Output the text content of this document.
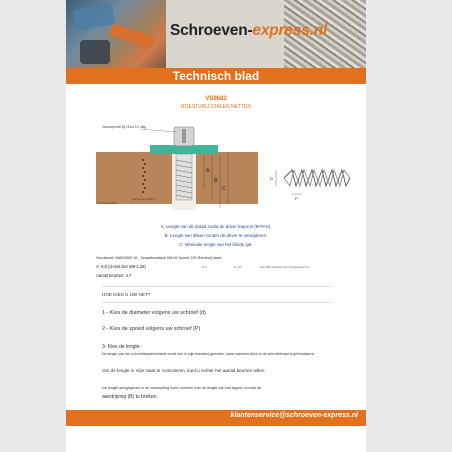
Schroeven-express.nl
Technisch blad
VS9682
ROESTVRIJ STALEN NETTEN
A
B
C
Inbouwprofiel bij 18 tot 1/2 slag
Nomnal tolbde
geboorde nerken
D
P
A: Lengte van de draad zodra de driver kapot is (B-PAS).
B. Lengte van tikken zonder de driver te verwijderen.
C: Minimale lengte van het blinde gat.
Voorbeeld: 96820600 16 - Draadinzetstuk M6X8 Spoed 125 Roestvrij staal
A: 6,8 (d-niet dez M8-1,25)	D: 6	D:+6.2	Door M8 schroeven niet met spoed van 1,6
Aantal beurten: 4,7
HOE KIES U UW NET?
1 - Kies de diameter volgens uw schroef (d)
2 - Kies de spoed volgens uw schroef (P)
3- Kies de lengte:
De lengte van het schroefdraadinzetstuk wordt niet in vrije toestand gemeten, maar wanneer deze in de schroefdraad is geïnstalleerd.
Om de lengte in vrije staat te controleren, kunt u echter het aantal beurten tellen.
De lengte aangegeven in de aanduiding komt overeen met de lengte van het tappen zonder de
aandrijving (B) te breken.
klantenservice@schroeven-express.nl
